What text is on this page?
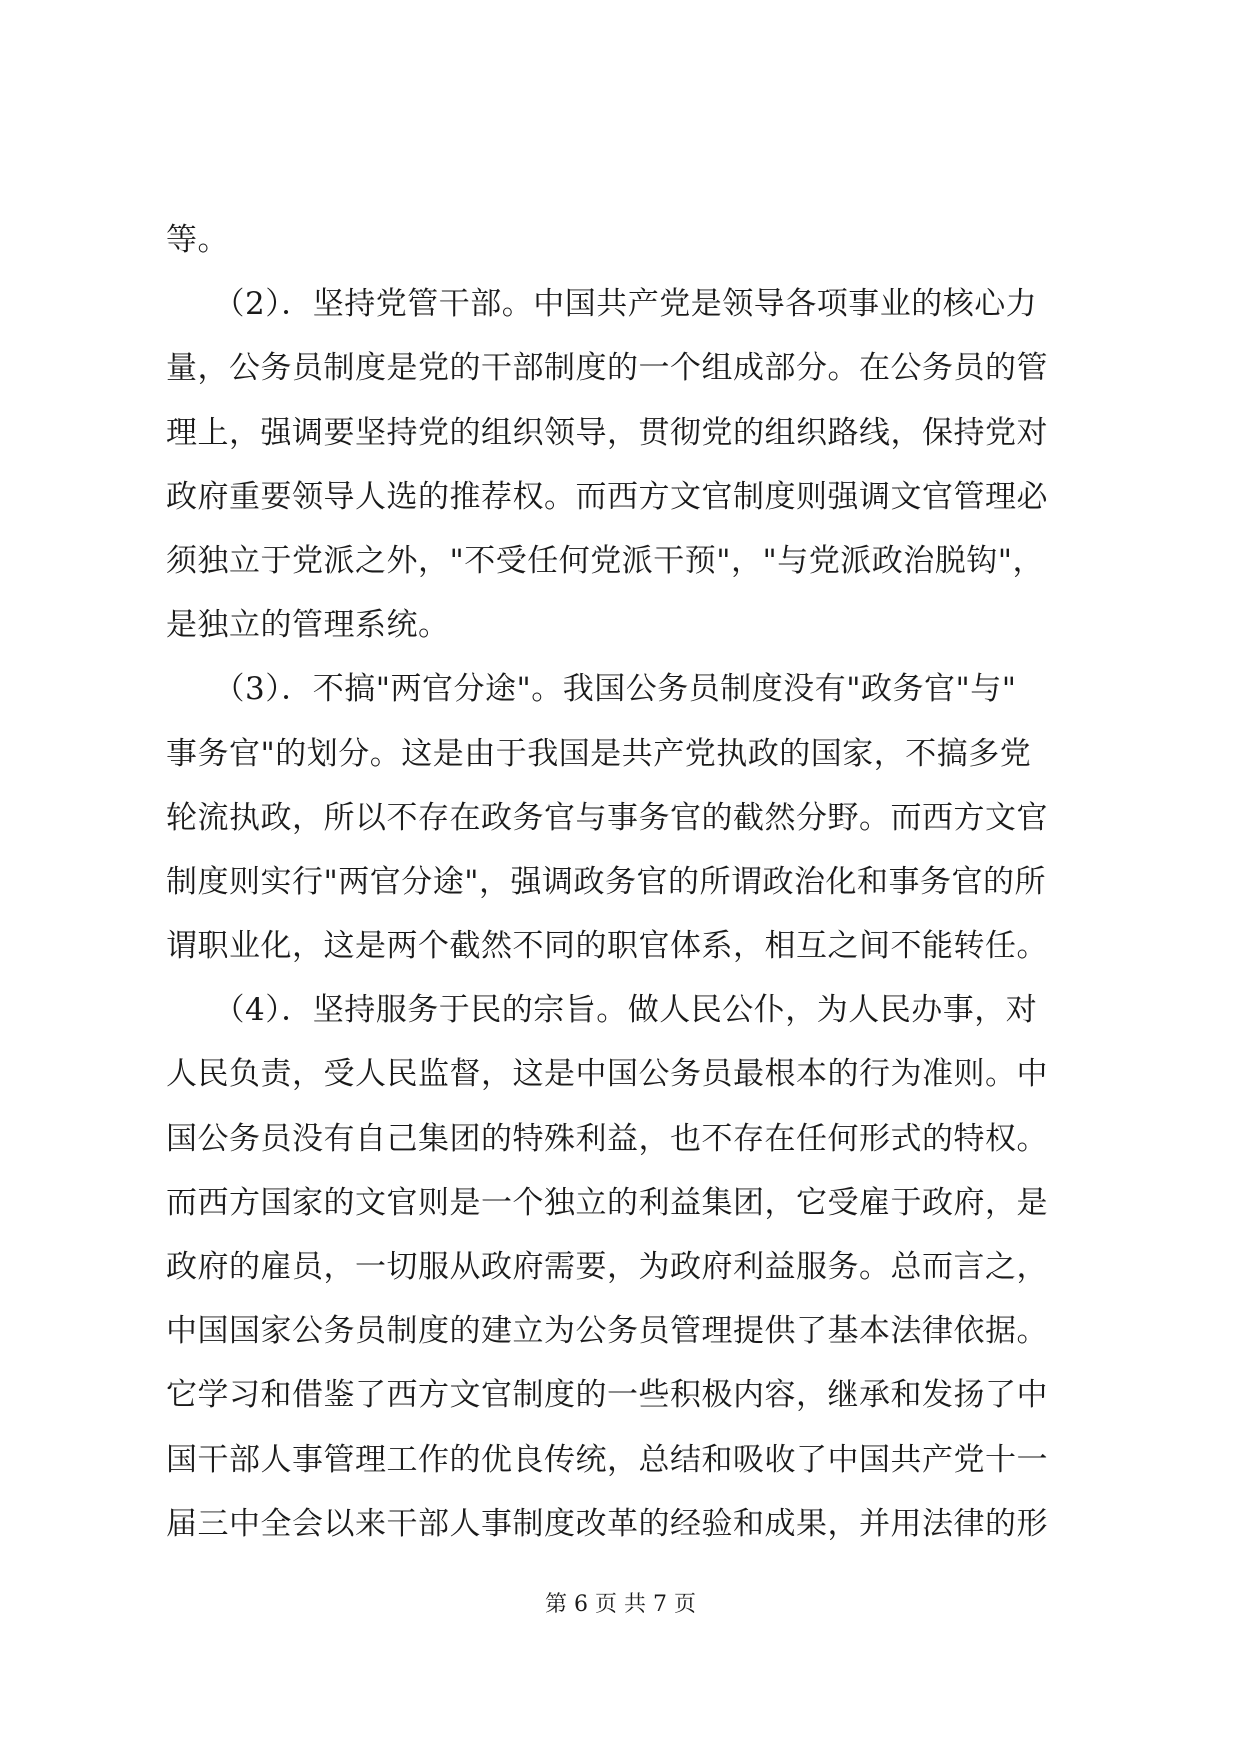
等。
　　（2）．坚持党管干部。中国共产党是领导各项事业的核心力
量，公务员制度是党的干部制度的一个组成部分。在公务员的管
理上，强调要坚持党的组织领导，贯彻党的组织路线，保持党对
政府重要领导人选的推荐权。而西方文官制度则强调文官管理必
须独立于党派之外，"不受任何党派干预"，"与党派政治脱钩"，
是独立的管理系统。
　　（3）．不搞"两官分途"。我国公务员制度没有"政务官"与"
事务官"的划分。这是由于我国是共产党执政的国家，不搞多党
轮流执政，所以不存在政务官与事务官的截然分野。而西方文官
制度则实行"两官分途"，强调政务官的所谓政治化和事务官的所
谓职业化，这是两个截然不同的职官体系，相互之间不能转任。
　　（4）．坚持服务于民的宗旨。做人民公仆，为人民办事，对
人民负责，受人民监督，这是中国公务员最根本的行为准则。中
国公务员没有自己集团的特殊利益，也不存在任何形式的特权。
而西方国家的文官则是一个独立的利益集团，它受雇于政府，是
政府的雇员，一切服从政府需要，为政府利益服务。总而言之，
中国国家公务员制度的建立为公务员管理提供了基本法律依据。
它学习和借鉴了西方文官制度的一些积极内容，继承和发扬了中
国干部人事管理工作的优良传统，总结和吸收了中国共产党十一
届三中全会以来干部人事制度改革的经验和成果，并用法律的形
第 6 页 共 7 页
